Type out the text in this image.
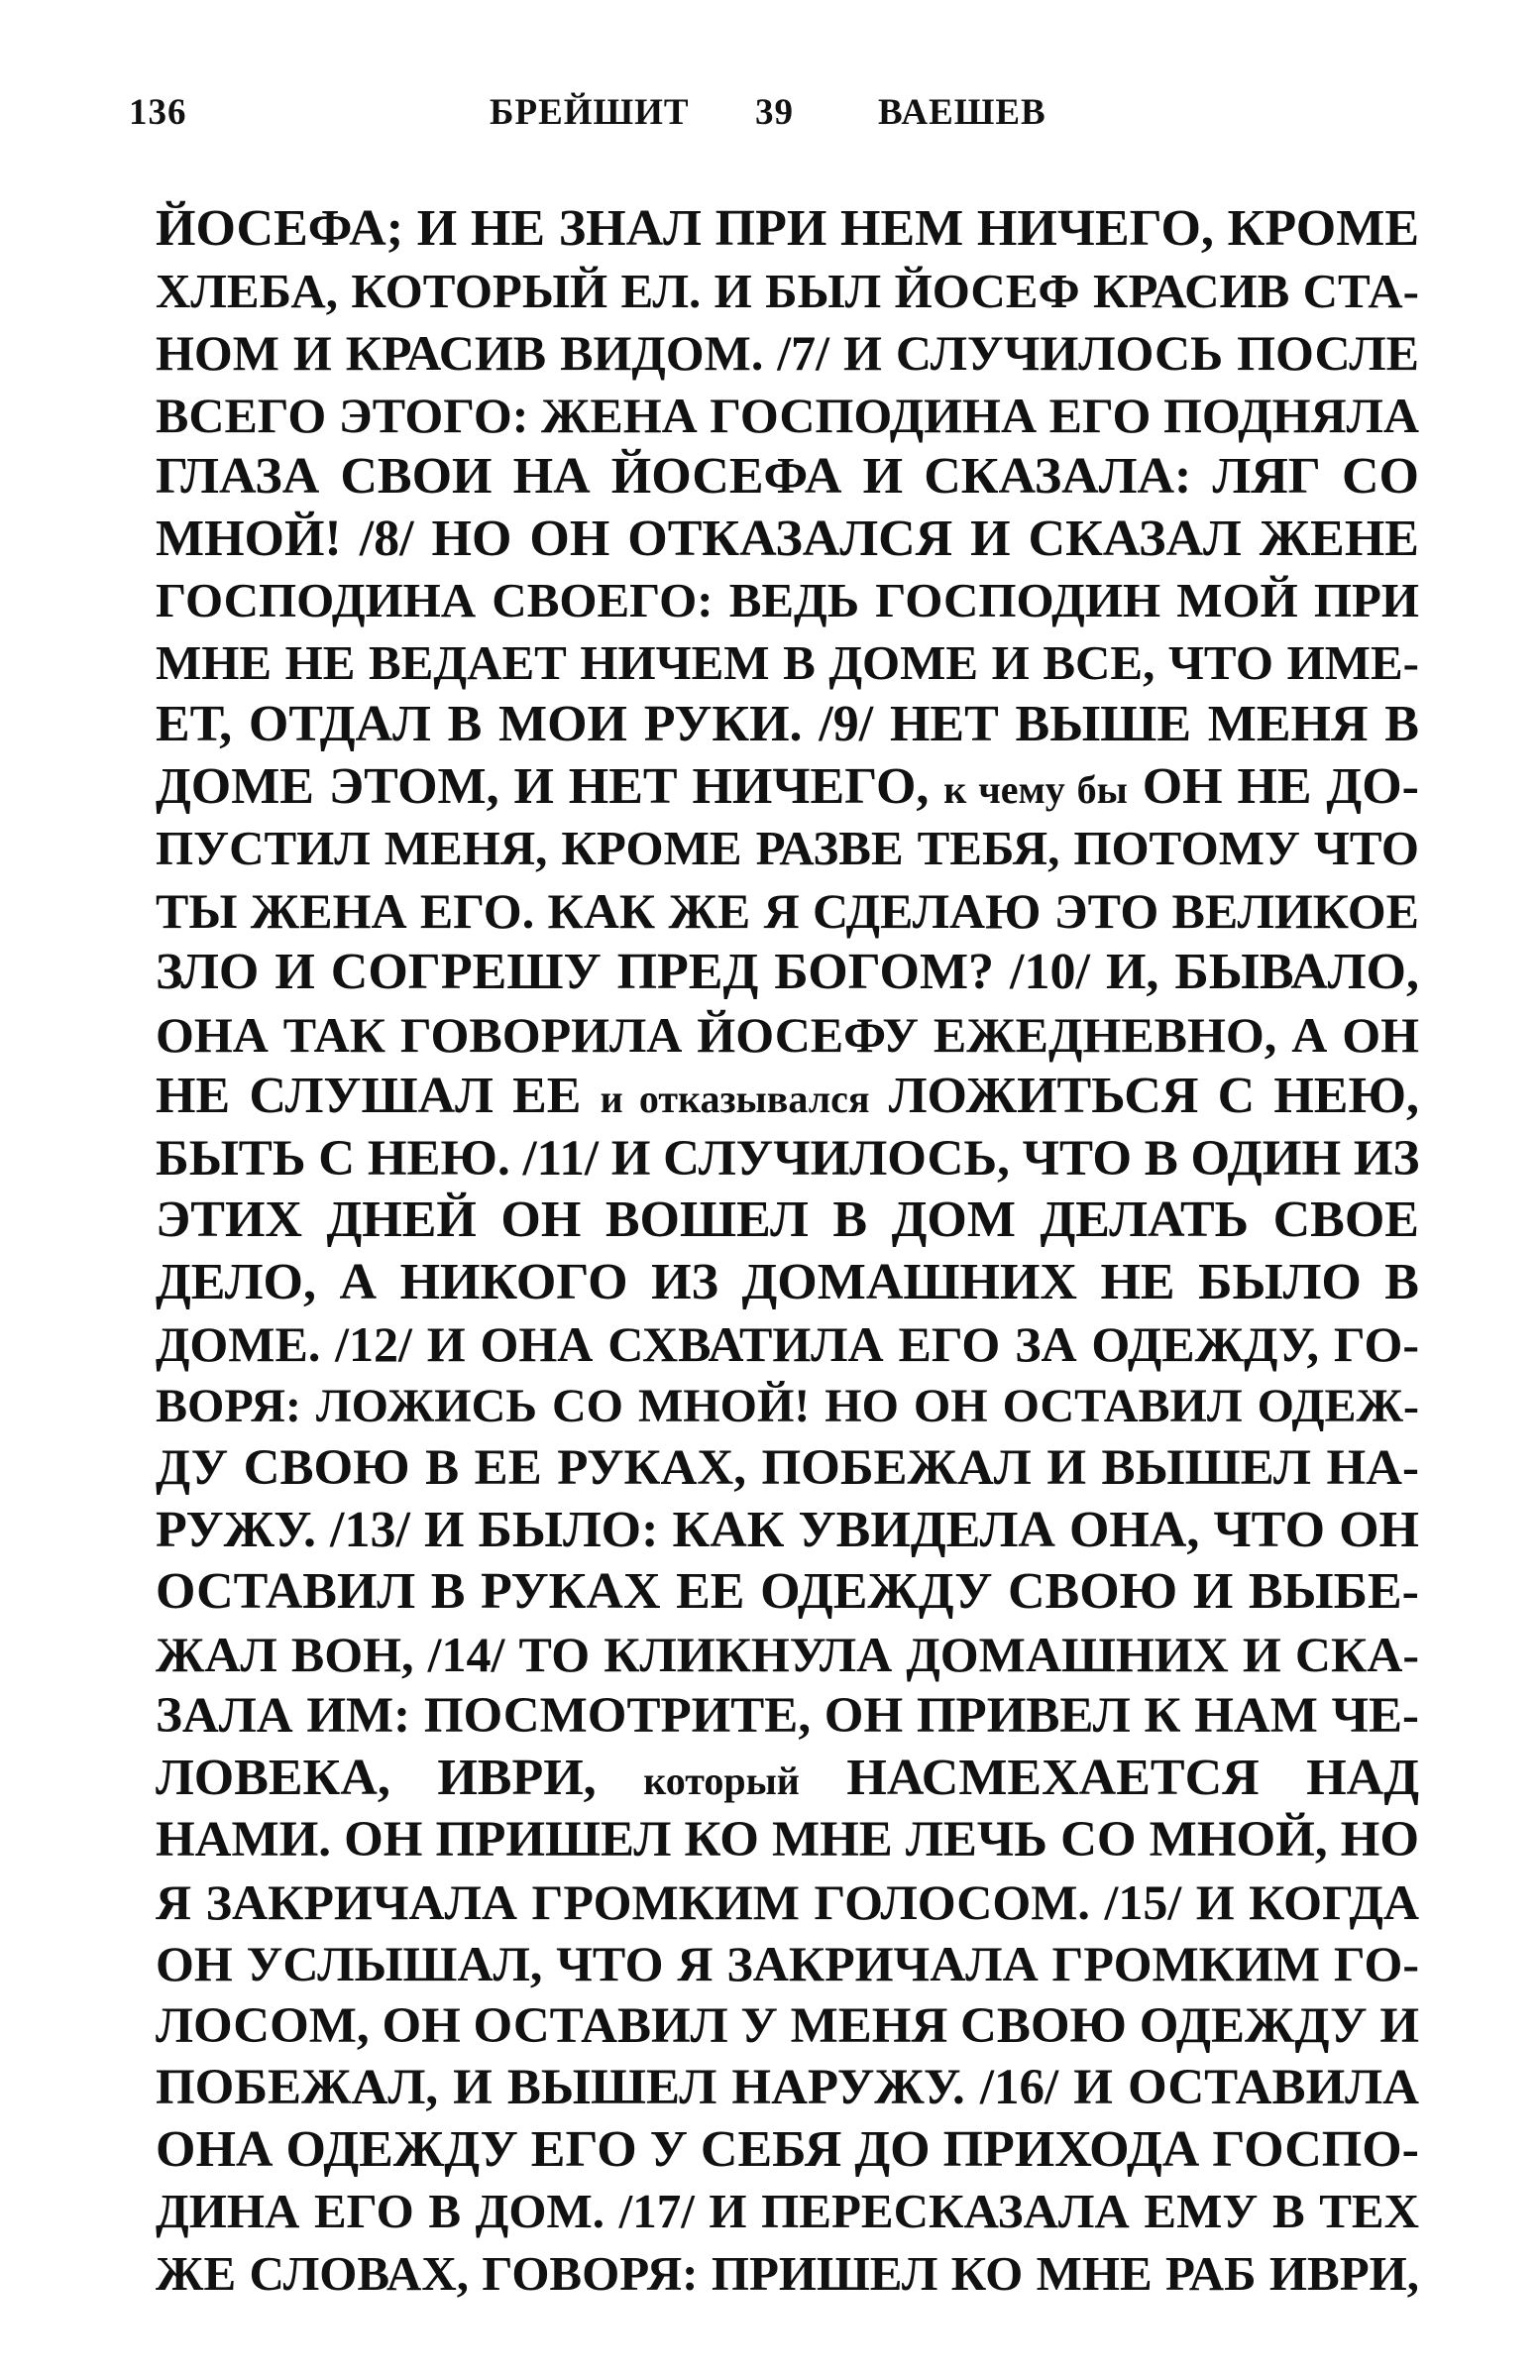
136	БРЕЙШИТ 39 ВАЕШЕВ
ЙОСЕФА; И НЕ ЗНАЛ ПРИ НЕМ НИЧЕГО, КРОМЕ
ХЛЕБА, КОТОРЫЙ ЕЛ. И БЫЛ ЙОСЕФ КРАСИВ СТА-
НОМ И КРАСИВ ВИДОМ. /7/ И СЛУЧИЛОСЬ ПОСЛЕ
ВСЕГО ЭТОГО: ЖЕНА ГОСПОДИНА ЕГО ПОДНЯЛА
ГЛАЗА СВОИ НА ЙОСЕФА И СКАЗАЛА: ЛЯГ СО
МНОЙ! /8/ НО ОН ОТКАЗАЛСЯ И СКАЗАЛ ЖЕНЕ
ГОСПОДИНА СВОЕГО: ВЕДЬ ГОСПОДИН МОЙ ПРИ
МНЕ НЕ ВЕДАЕТ НИЧЕМ В ДОМЕ И ВСЕ, ЧТО ИМЕ-
ЕТ, ОТДАЛ В МОИ РУКИ. /9/ НЕТ ВЫШЕ МЕНЯ В
ДОМЕ ЭТОМ, И НЕТ НИЧЕГО, к чему бы ОН НЕ ДО-
ПУСТИЛ МЕНЯ, КРОМЕ РАЗВЕ ТЕБЯ, ПОТОМУ ЧТО
ТЫ ЖЕНА ЕГО. КАК ЖЕ Я СДЕЛАЮ ЭТО ВЕЛИКОЕ
ЗЛО И СОГРЕШУ ПРЕД БОГОМ? /10/ И, БЫВАЛО,
ОНА ТАК ГОВОРИЛА ЙОСЕФУ ЕЖЕДНЕВНО, А ОН
НЕ СЛУШАЛ ЕЕ и отказывался ЛОЖИТЬСЯ С НЕЮ,
БЫТЬ С НЕЮ. /11/ И СЛУЧИЛОСЬ, ЧТО В ОДИН ИЗ
ЭТИХ ДНЕЙ ОН ВОШЕЛ В ДОМ ДЕЛАТЬ СВОЕ
ДЕЛО, А НИКОГО ИЗ ДОМАШНИХ НЕ БЫЛО В
ДОМЕ. /12/ И ОНА СХВАТИЛА ЕГО ЗА ОДЕЖДУ, ГО-
ВОРЯ: ЛОЖИСЬ СО МНОЙ! НО ОН ОСТАВИЛ ОДЕЖ-
ДУ СВОЮ В ЕЕ РУКАХ, ПОБЕЖАЛ И ВЫШЕЛ НА-
РУЖУ. /13/ И БЫЛО: КАК УВИДЕЛА ОНА, ЧТО ОН
ОСТАВИЛ В РУКАХ ЕЕ ОДЕЖДУ СВОЮ И ВЫБЕ-
ЖАЛ ВОН, /14/ ТО КЛИКНУЛА ДОМАШНИХ И СКА-
ЗАЛА ИМ: ПОСМОТРИТЕ, ОН ПРИВЕЛ К НАМ ЧЕ-
ЛОВЕКА, ИВРИ, который НАСМЕХАЕТСЯ НАД
НАМИ. ОН ПРИШЕЛ КО МНЕ ЛЕЧЬ СО МНОЙ, НО
Я ЗАКРИЧАЛА ГРОМКИМ ГОЛОСОМ. /15/ И КОГДА
ОН УСЛЫШАЛ, ЧТО Я ЗАКРИЧАЛА ГРОМКИМ ГО-
ЛОСОМ, ОН ОСТАВИЛ У МЕНЯ СВОЮ ОДЕЖДУ И
ПОБЕЖАЛ, И ВЫШЕЛ НАРУЖУ. /16/ И ОСТАВИЛА
ОНА ОДЕЖДУ ЕГО У СЕБЯ ДО ПРИХОДА ГОСПО-
ДИНА ЕГО В ДОМ. /17/ И ПЕРЕСКАЗАЛА ЕМУ В ТЕХ
ЖЕ СЛОВАХ, ГОВОРЯ: ПРИШЕЛ КО МНЕ РАБ ИВРИ,
